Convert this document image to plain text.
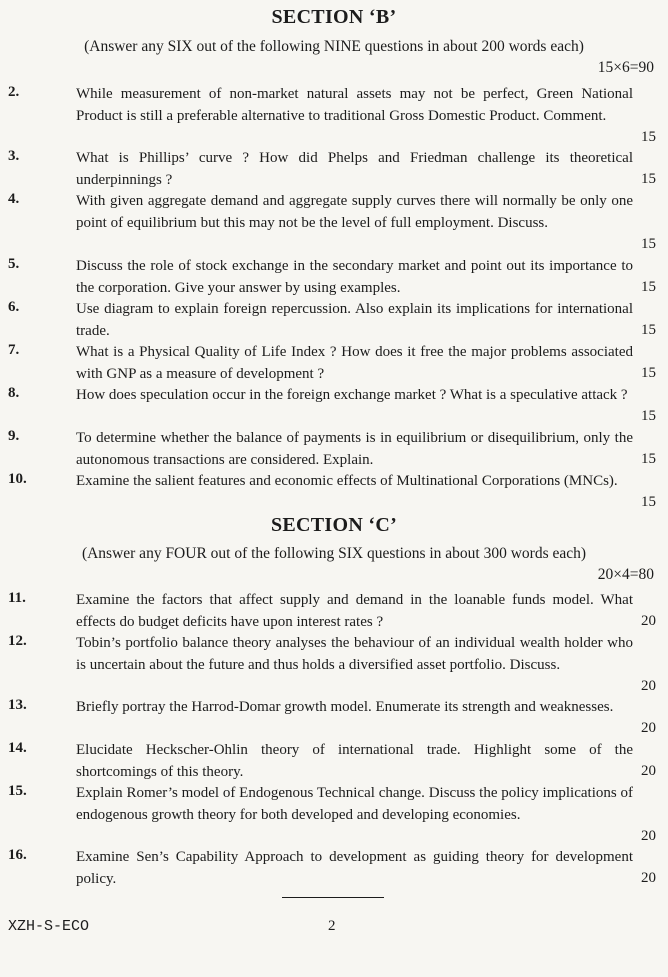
SECTION ‘B’
(Answer any SIX out of the following NINE questions in about 200 words each)
15×6=90
2.
15
While measurement of non-market natural assets may not be perfect, Green National Product is still a preferable alternative to traditional Gross Domestic Product. Comment.
3.
15
What is Phillips’ curve ? How did Phelps and Friedman challenge its theoretical underpinnings ?
4.
15
With given aggregate demand and aggregate supply curves there will normally be only one point of equilibrium but this may not be the level of full employment. Discuss.
5.
15
Discuss the role of stock exchange in the secondary market and point out its importance to the corporation. Give your answer by using examples.
6.
15
Use diagram to explain foreign repercussion. Also explain its implications for international trade.
7.
15
What is a Physical Quality of Life Index ? How does it free the major problems associated with GNP as a measure of development ?
8.
15
How does speculation occur in the foreign exchange market ? What is a speculative attack ?
9.
15
To determine whether the balance of payments is in equilibrium or disequilibrium, only the autonomous transactions are considered. Explain.
10.
15
Examine the salient features and economic effects of Multinational Corporations (MNCs).
SECTION ‘C’
(Answer any FOUR out of the following SIX questions in about 300 words each)
20×4=80
11.
20
Examine the factors that affect supply and demand in the loanable funds model. What effects do budget deficits have upon interest rates ?
12.
20
Tobin’s portfolio balance theory analyses the behaviour of an individual wealth holder who is uncertain about the future and thus holds a diversified asset portfolio. Discuss.
13.
20
Briefly portray the Harrod-Domar growth model. Enumerate its strength and weaknesses.
14.
20
Elucidate Heckscher-Ohlin theory of international trade. Highlight some of the shortcomings of this theory.
15.
20
Explain Romer’s model of Endogenous Technical change. Discuss the policy implications of endogenous growth theory for both developed and developing economies.
16.
20
Examine Sen’s Capability Approach to development as guiding theory for development policy.
XZH-S-ECO	2
